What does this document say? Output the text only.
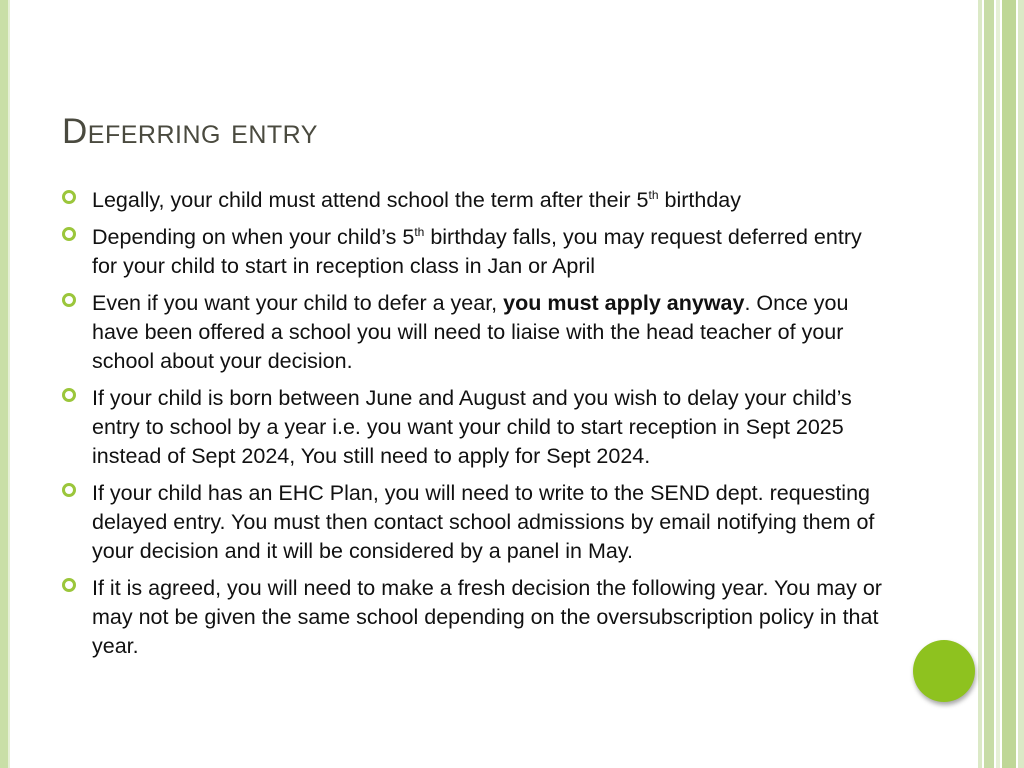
Deferring entry
Legally, your child must attend school the term after their 5th birthday
Depending on when your child’s 5th birthday falls, you may request deferred entry for your child to start in reception class in Jan or April
Even if you want your child to defer a year, you must apply anyway. Once you have been offered a school you will need to liaise with the head teacher of your school about your decision.
If your child is born between June and August and you wish to delay your child’s entry to school by a year i.e. you want your child to start reception in Sept 2025 instead of Sept 2024, You still need to apply for Sept 2024.
If your child has an EHC Plan, you will need to write to the SEND dept. requesting delayed entry. You must then contact school admissions by email notifying them of your decision and it will be considered by a panel in May.
If it is agreed, you will need to make a fresh decision the following year. You may or may not be given the same school depending on the oversubscription policy in that year.
